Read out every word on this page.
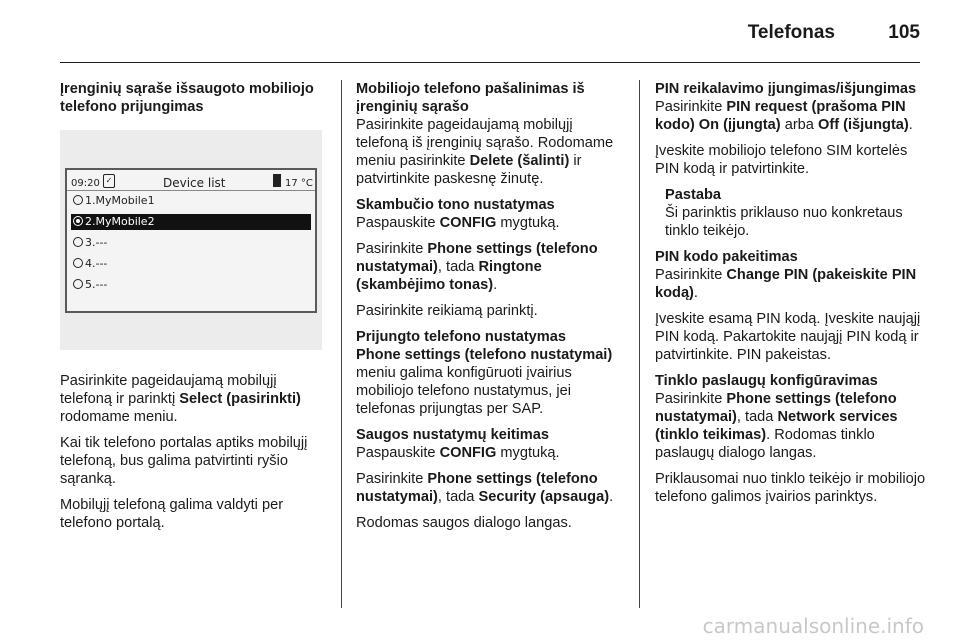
Telefonas	105
Įrenginių sąraše išsaugoto mobiliojo telefono prijungimas
09:20 ✓	Device list	17 °C
1.MyMobile1
2.MyMobile2
3.---
4.---
5.---

Pasirinkite pageidaujamą mobilųjį telefoną ir parinktį Select (pasirinkti) rodomame meniu.

Kai tik telefono portalas aptiks mobilųjį telefoną, bus galima patvirtinti ryšio sąranką.

Mobilųjį telefoną galima valdyti per telefono portalą.

Mobiliojo telefono pašalinimas iš įrenginių sąrašo
Pasirinkite pageidaujamą mobilųjį telefoną iš įrenginių sąrašo. Rodomame meniu pasirinkite Delete (šalinti) ir patvirtinkite paskesnę žinutę.
Skambučio tono nustatymas

Paspauskite CONFIG mygtuką.

Pasirinkite Phone settings (telefono nustatymai), tada Ringtone (skambėjimo tonas).

Pasirinkite reikiamą parinktį.

Prijungto telefono nustatymas
Phone settings (telefono nustatymai) meniu galima konfigūruoti įvairius mobiliojo telefono nustatymus, jei telefonas prijungtas per SAP.
Saugos nustatymų keitimas

Paspauskite CONFIG mygtuką.

Pasirinkite Phone settings (telefono nustatymai), tada Security (apsauga).

Rodomas saugos dialogo langas.

PIN reikalavimo įjungimas/išjungimas

Pasirinkite PIN request (prašoma PIN kodo) On (įjungta) arba Off (išjungta).

Įveskite mobiliojo telefono SIM kortelės PIN kodą ir patvirtinkite.

Pastaba
Ši parinktis priklauso nuo konkretaus tinklo teikėjo.
PIN kodo pakeitimas

Pasirinkite Change PIN (pakeiskite PIN kodą).

Įveskite esamą PIN kodą. Įveskite naująjį PIN kodą. Pakartokite naująjį PIN kodą ir patvirtinkite. PIN pakeistas.

Tinklo paslaugų konfigūravimas

Pasirinkite Phone settings (telefono nustatymai), tada Network services (tinklo teikimas). Rodomas tinklo paslaugų dialogo langas.

Priklausomai nuo tinklo teikėjo ir mobiliojo telefono galimos įvairios parinktys.

carmanualsonline.info
